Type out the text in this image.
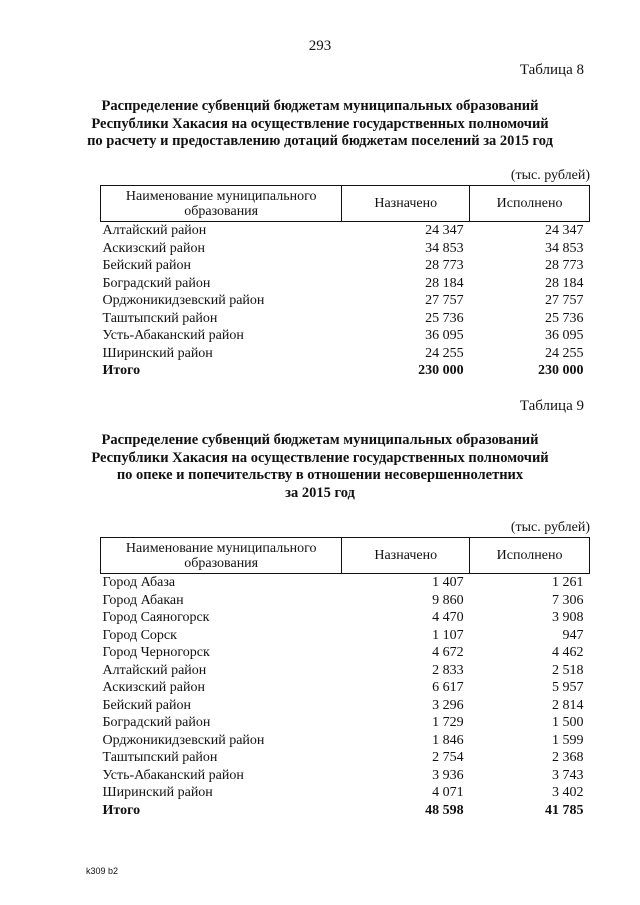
293
Таблица 8
Распределение субвенций бюджетам муниципальных образований
Республики Хакасия на осуществление государственных полномочий
по расчету и предоставлению дотаций бюджетам поселений за 2015 год
(тыс. рублей)
Наименование муниципального образования	Назначено	Исполнено
Алтайский район	24 347	24 347
Аскизский район	34 853	34 853
Бейский район	28 773	28 773
Боградский район	28 184	28 184
Орджоникидзевский район	27 757	27 757
Таштыпский район	25 736	25 736
Усть-Абаканский район	36 095	36 095
Ширинский район	24 255	24 255
Итого	230 000	230 000
Таблица 9
Распределение субвенций бюджетам муниципальных образований
Республики Хакасия на осуществление государственных полномочий
по опеке и попечительству в отношении несовершеннолетних
за 2015 год
(тыс. рублей)
Наименование муниципального образования	Назначено	Исполнено
Город Абаза	1 407	1 261
Город Абакан	9 860	7 306
Город Саяногорск	4 470	3 908
Город Сорск	1 107	947
Город Черногорск	4 672	4 462
Алтайский район	2 833	2 518
Аскизский район	6 617	5 957
Бейский район	3 296	2 814
Боградский район	1 729	1 500
Орджоникидзевский район	1 846	1 599
Таштыпский район	2 754	2 368
Усть-Абаканский район	3 936	3 743
Ширинский район	4 071	3 402
Итого	48 598	41 785
k309 b2
